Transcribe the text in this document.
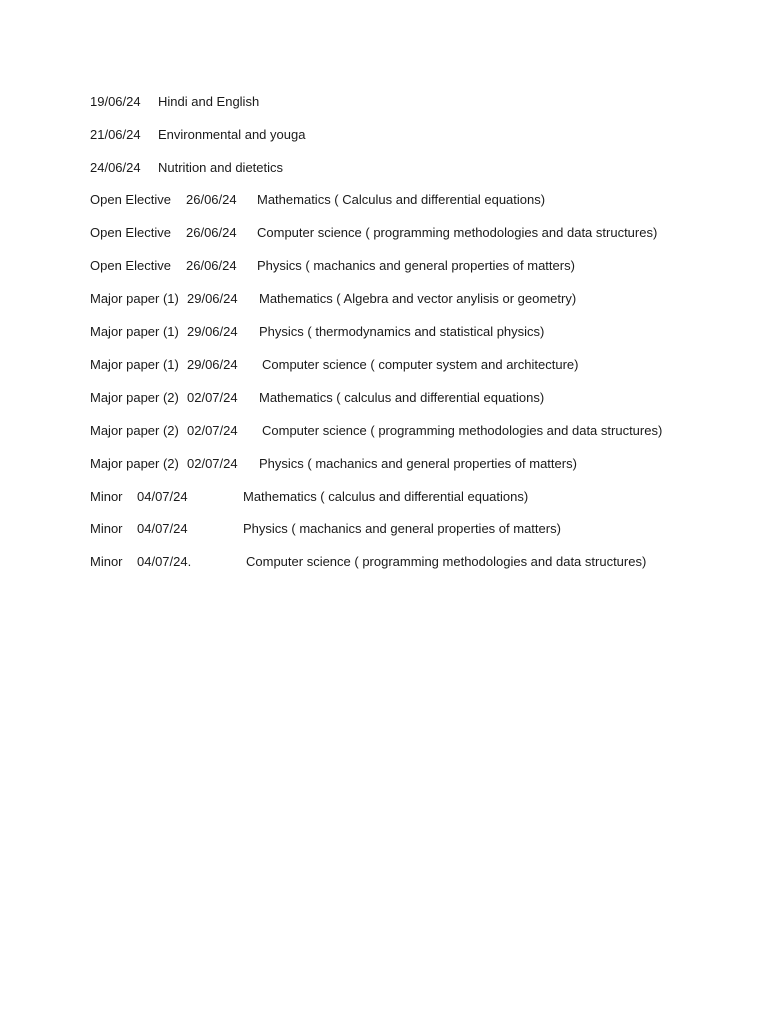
19/06/24 Hindi and English
21/06/24 Environmental and youga
24/06/24 Nutrition and dietetics
Open Elective 26/06/24 Mathematics ( Calculus and differential equations)
Open Elective 26/06/24 Computer science ( programming methodologies and data structures)
Open Elective 26/06/24 Physics ( machanics and general properties of matters)
Major paper (1) 29/06/24 Mathematics ( Algebra and vector anylisis or geometry)
Major paper (1) 29/06/24 Physics ( thermodynamics and statistical physics)
Major paper (1) 29/06/24 Computer science ( computer system and architecture)
Major paper (2) 02/07/24 Mathematics ( calculus and differential equations)
Major paper (2) 02/07/24 Computer science ( programming methodologies and data structures)
Major paper (2) 02/07/24 Physics ( machanics and general properties of matters)
Minor 04/07/24	Mathematics ( calculus and differential equations)
Minor 04/07/24	Physics ( machanics and general properties of matters)
Minor 04/07/24.	Computer science ( programming methodologies and data structures)
